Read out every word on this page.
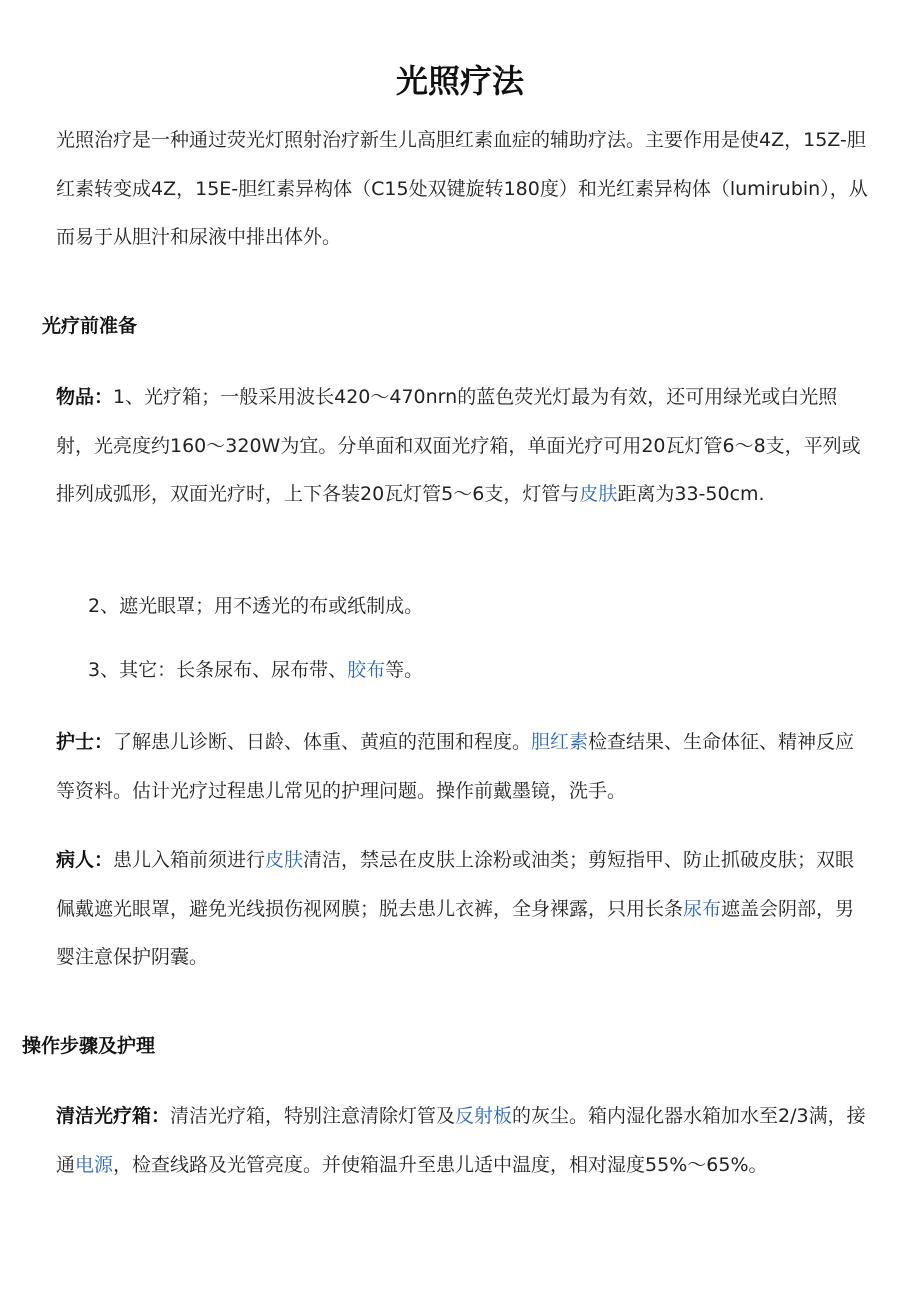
光照疗法

光照治疗是一种通过荧光灯照射治疗新生儿高胆红素血症的辅助疗法。主要作用是使4Z，15Z-胆红素转变成4Z，15E-胆红素异构体（C15处双键旋转180度）和光红素异构体（lumirubin），从而易于从胆汁和尿液中排出体外。

光疗前准备

物品：1、光疗箱；一般采用波长420～470nrn的蓝色荧光灯最为有效，还可用绿光或白光照射，光亮度约160～320W为宜。分单面和双面光疗箱，单面光疗可用20瓦灯管6～8支，平列或排列成弧形，双面光疗时，上下各装20瓦灯管5～6支，灯管与皮肤距离为33-50cm.

2、遮光眼罩；用不透光的布或纸制成。

3、其它：长条尿布、尿布带、胶布等。

护士：了解患儿诊断、日龄、体重、黄疸的范围和程度。胆红素检查结果、生命体征、精神反应等资料。估计光疗过程患儿常见的护理问题。操作前戴墨镜，洗手。

病人：患儿入箱前须进行皮肤清洁，禁忌在皮肤上涂粉或油类；剪短指甲、防止抓破皮肤；双眼佩戴遮光眼罩，避免光线损伤视网膜；脱去患儿衣裤，全身裸露，只用长条尿布遮盖会阴部，男婴注意保护阴囊。

操作步骤及护理

清洁光疗箱：清洁光疗箱，特别注意清除灯管及反射板的灰尘。箱内湿化器水箱加水至2/3满，接通电源，检查线路及光管亮度。并使箱温升至患儿适中温度，相对湿度55%～65%。
